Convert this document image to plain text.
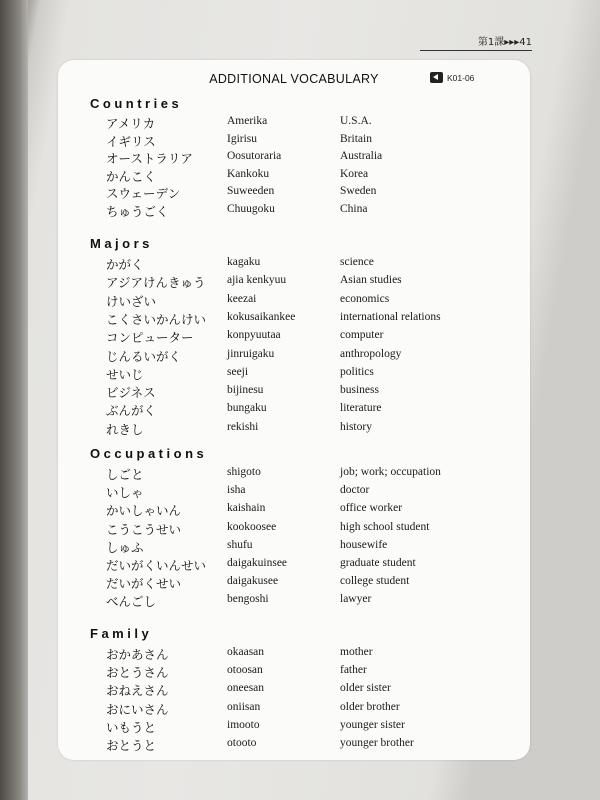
第1課▸▸▸41
ADDITIONAL VOCABULARY	K01-06
Countries
アメリカ	Amerika	U.S.A.
イギリス	Igirisu	Britain
オーストラリア	Oosutoraria	Australia
かんこく	Kankoku	Korea
スウェーデン	Suweeden	Sweden
ちゅうごく	Chuugoku	China
Majors
かがく	kagaku	science
アジアけんきゅう ajia kenkyuu	Asian studies
けいざい	keezai	economics
こくさいかんけい kokusaikankee	international relations
コンピューター	konpyuutaa	computer
じんるいがく	jinruigaku	anthropology
せいじ	seeji	politics
ビジネス	bijinesu	business
ぶんがく	bungaku	literature
れきし	rekishi	history
Occupations
しごと	shigoto	job; work; occupation
いしゃ	isha	doctor
かいしゃいん	kaishain	office worker
こうこうせい	kookoosee	high school student
しゅふ	shufu	housewife
だいがくいんせい daigakuinsee	graduate student
だいがくせい	daigakusee	college student
べんごし	bengoshi	lawyer
Family
おかあさん	okaasan	mother
おとうさん	otoosan	father
おねえさん	oneesan	older sister
おにいさん	oniisan	older brother
いもうと	imooto	younger sister
おとうと	otooto	younger brother
